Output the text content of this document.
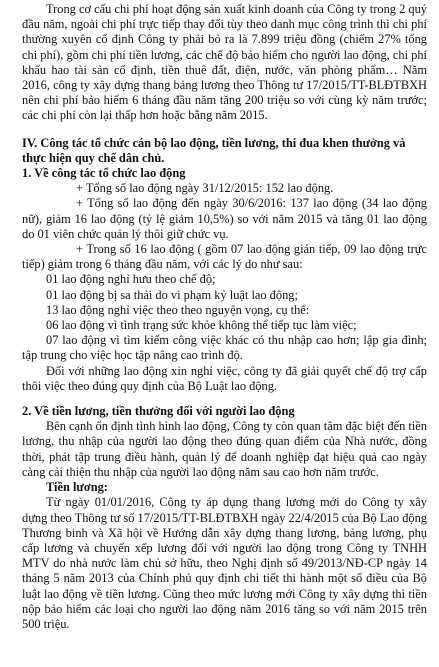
Trong cơ cấu chi phí hoạt động sản xuất kinh doanh của Công ty trong 2 quý đầu năm, ngoài chi phí trực tiếp thay đổi tùy theo danh mục công trình thì chi phí thường xuyên cố định Công ty phải bỏ ra là 7.899 triệu đồng (chiếm 27% tổng chi phí), gồm chi phí tiền lương, các chế độ bảo hiểm cho người lao động, chi phí khấu hao tài sản cố định, tiền thuê đất, điện, nước, văn phòng phẩm… Năm 2016, công ty xây dựng thang bảng lương theo Thông tư 17/2015/TT-BLĐTBXH nên chi phí bảo hiểm 6 tháng đầu năm tăng 200 triệu so với cùng kỳ năm trước; các chi phí còn lại thấp hơn hoặc bằng năm 2015.

IV. Công tác tổ chức cán bộ lao động, tiền lương, thi đua khen thưởng và thực hiện quy chế dân chủ.

1. Về công tác tổ chức lao động

+ Tổng số lao động ngày 31/12/2015: 152 lao động.

+ Tổng số lao động đến ngày 30/6/2016: 137 lao động (34 lao động nữ), giảm 16 lao động (tỷ lệ giảm 10,5%) so với năm 2015 và tăng 01 lao động do 01 viên chức quản lý thôi giữ chức vụ.

+ Trong số 16 lao động ( gồm 07 lao động gián tiếp, 09 lao động trực tiếp) giảm trong 6 tháng đầu năm, với các lý do như sau:

01 lao động nghỉ hưu theo chế độ;

01 lao động bị sa thải do vi phạm kỷ luật lao động;

13 lao động nghỉ việc theo theo nguyện vọng, cụ thể:

06 lao động vì tình trạng sức khỏe không thể tiếp tục làm việc;

07 lao động vì tìm kiếm công việc khác có thu nhập cao hơn; lập gia đình; tập trung cho việc học tập nâng cao trình độ.

Đối với những lao động xin nghỉ việc, công ty đã giải quyết chế độ trợ cấp thôi việc theo đúng quy định của Bộ Luật lao động.

2. Về tiền lương, tiền thưởng đối với người lao động

Bên cạnh ổn định tình hình lao động, Công ty còn quan tâm đặc biệt đến tiền lương, thu nhập của người lao động theo đúng quan điểm của Nhà nước, đồng thời, phát tập trung điều hành, quản lý để doanh nghiệp đạt hiệu quả cao ngày càng cải thiện thu nhập của người lao động năm sau cao hơn năm trước.

Tiền lương:

Từ ngày 01/01/2016, Công ty áp dụng thang lương mới do Công ty xây dựng theo Thông tư số 17/2015/TT-BLĐTBXH ngày 22/4/2015 của Bộ Lao động Thương binh và Xã hội về Hướng dẫn xây dựng thang lương, bảng lương, phụ cấp lương và chuyển xếp lương đối với người lao động trong Công ty TNHH MTV do nhà nước làm chủ sở hữu, theo Nghị định số 49/2013/NĐ-CP ngày 14 tháng 5 năm 2013 của Chính phủ quy định chi tiết thi hành một số điều của Bộ luật lao động về tiền lương. Cũng theo mức lương mới Công ty xây dựng thì tiền nộp bảo hiểm các loại cho người lao động năm 2016 tăng so với năm 2015 trên 500 triệu.
